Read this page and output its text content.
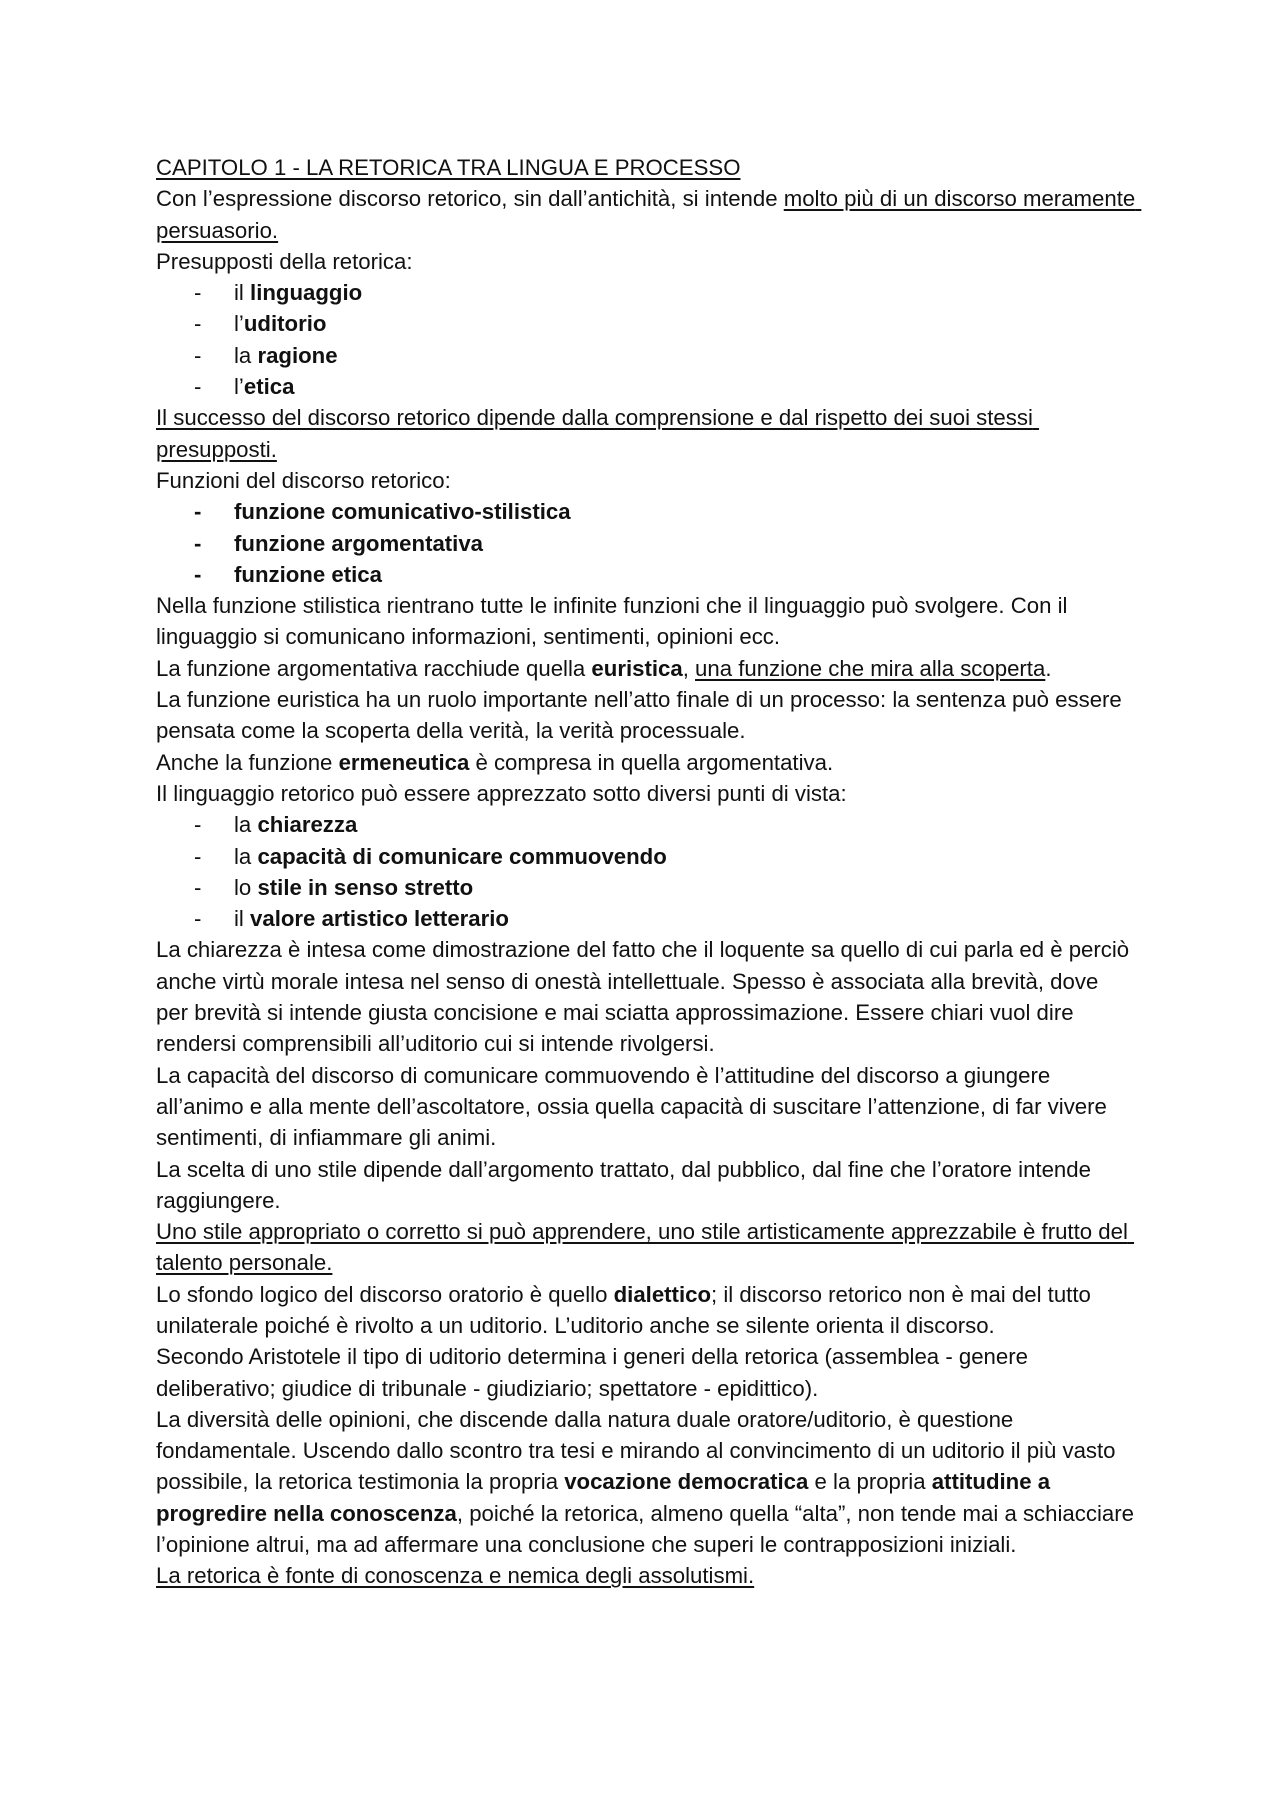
CAPITOLO 1 - LA RETORICA TRA LINGUA E PROCESSO
Con l’espressione discorso retorico, sin dall’antichità, si intende molto più di un discorso meramente persuasorio.
Presupposti della retorica:
- il linguaggio
- l’uditorio
- la ragione
- l’etica
Il successo del discorso retorico dipende dalla comprensione e dal rispetto dei suoi stessi presupposti.
Funzioni del discorso retorico:
- funzione comunicativo-stilistica
- funzione argomentativa
- funzione etica
Nella funzione stilistica rientrano tutte le infinite funzioni che il linguaggio può svolgere. Con il linguaggio si comunicano informazioni, sentimenti, opinioni ecc.
La funzione argomentativa racchiude quella euristica, una funzione che mira alla scoperta.
La funzione euristica ha un ruolo importante nell’atto finale di un processo: la sentenza può essere pensata come la scoperta della verità, la verità processuale.
Anche la funzione ermeneutica è compresa in quella argomentativa.
Il linguaggio retorico può essere apprezzato sotto diversi punti di vista:
- la chiarezza
- la capacità di comunicare commuovendo
- lo stile in senso stretto
- il valore artistico letterario
La chiarezza è intesa come dimostrazione del fatto che il loquente sa quello di cui parla ed è perciò anche virtù morale intesa nel senso di onestà intellettuale. Spesso è associata alla brevità, dove per brevità si intende giusta concisione e mai sciatta approssimazione. Essere chiari vuol dire rendersi comprensibili all’uditorio cui si intende rivolgersi.
La capacità del discorso di comunicare commuovendo è l’attitudine del discorso a giungere all’animo e alla mente dell’ascoltatore, ossia quella capacità di suscitare l’attenzione, di far vivere sentimenti, di infiammare gli animi.
La scelta di uno stile dipende dall’argomento trattato, dal pubblico, dal fine che l’oratore intende raggiungere.
Uno stile appropriato o corretto si può apprendere, uno stile artisticamente apprezzabile è frutto del talento personale.
Lo sfondo logico del discorso oratorio è quello dialettico; il discorso retorico non è mai del tutto unilaterale poiché è rivolto a un uditorio. L’uditorio anche se silente orienta il discorso.
Secondo Aristotele il tipo di uditorio determina i generi della retorica (assemblea - genere deliberativo; giudice di tribunale - giudiziario; spettatore - epidittico).
La diversità delle opinioni, che discende dalla natura duale oratore/uditorio, è questione fondamentale. Uscendo dallo scontro tra tesi e mirando al convincimento di un uditorio il più vasto possibile, la retorica testimonia la propria vocazione democratica e la propria attitudine a progredire nella conoscenza, poiché la retorica, almeno quella “alta”, non tende mai a schiacciare l’opinione altrui, ma ad affermare una conclusione che superi le contrapposizioni iniziali.
La retorica è fonte di conoscenza e nemica degli assolutismi.
